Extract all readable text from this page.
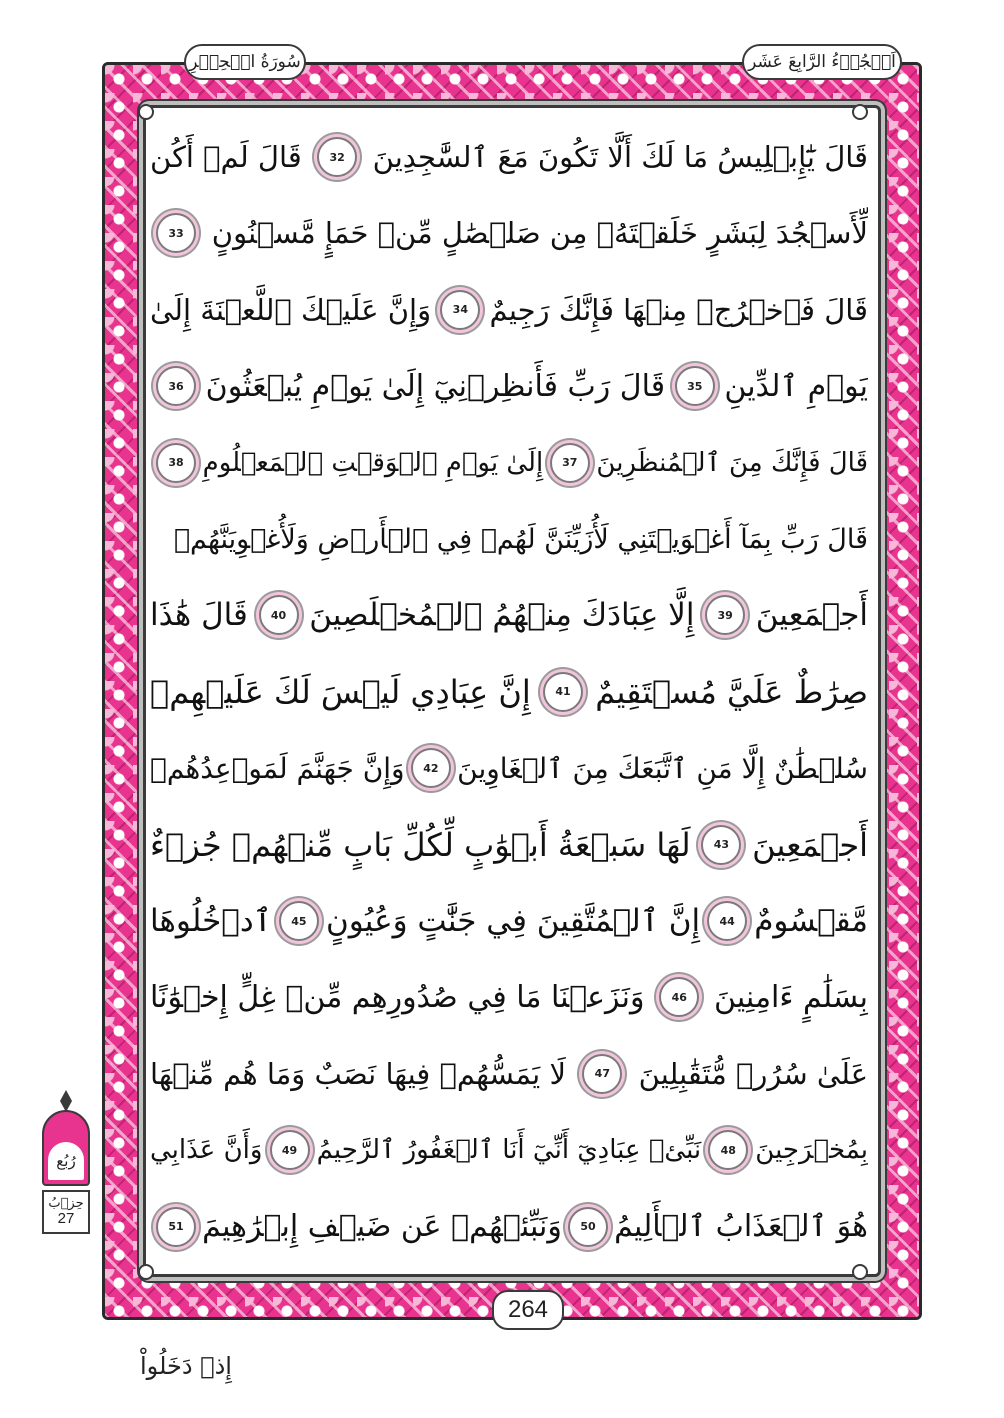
اَلۡجُزۡءُ الرَّابِعَ عَشَر
سُورَةُ الۡحِجۡرِ
قَالَ يَٰٓإِبۡلِيسُ مَا لَكَ أَلَّا تَكُونَ مَعَ ٱلسَّٰجِدِينَ
32
قَالَ لَمۡ أَكُن
لِّأَسۡجُدَ لِبَشَرٍ خَلَقۡتَهُۥ مِن صَلۡصَٰلٍ مِّنۡ حَمَإٍ مَّسۡنُونٍ
33
قَالَ فَٱخۡرُجۡ مِنۡهَا فَإِنَّكَ رَجِيمٌ
34
وَإِنَّ عَلَيۡكَ ٱللَّعۡنَةَ إِلَىٰ
يَوۡمِ ٱلدِّينِ
35
قَالَ رَبِّ فَأَنظِرۡنِيٓ إِلَىٰ يَوۡمِ يُبۡعَثُونَ
36
قَالَ فَإِنَّكَ مِنَ ٱلۡمُنظَرِينَ
37
إِلَىٰ يَوۡمِ ٱلۡوَقۡتِ ٱلۡمَعۡلُومِ
38
قَالَ رَبِّ بِمَآ أَغۡوَيۡتَنِي لَأُزَيِّنَنَّ لَهُمۡ فِي ٱلۡأَرۡضِ وَلَأُغۡوِيَنَّهُمۡ
أَجۡمَعِينَ
39
إِلَّا عِبَادَكَ مِنۡهُمُ ٱلۡمُخۡلَصِينَ
40
قَالَ هَٰذَا
صِرَٰطٌ عَلَيَّ مُسۡتَقِيمٌ
41
إِنَّ عِبَادِي لَيۡسَ لَكَ عَلَيۡهِمۡ
سُلۡطَٰنٌ إِلَّا مَنِ ٱتَّبَعَكَ مِنَ ٱلۡغَاوِينَ
42
وَإِنَّ جَهَنَّمَ لَمَوۡعِدُهُمۡ
أَجۡمَعِينَ
43
لَهَا سَبۡعَةُ أَبۡوَٰبٍ لِّكُلِّ بَابٍ مِّنۡهُمۡ جُزۡءٌ
مَّقۡسُومٌ
44
إِنَّ ٱلۡمُتَّقِينَ فِي جَنَّٰتٍ وَعُيُونٍ
45
ٱدۡخُلُوهَا
بِسَلَٰمٍ ءَامِنِينَ
46
وَنَزَعۡنَا مَا فِي صُدُورِهِم مِّنۡ غِلٍّ إِخۡوَٰنًا
عَلَىٰ سُرُرٖ مُّتَقَٰبِلِينَ
47
لَا يَمَسُّهُمۡ فِيهَا نَصَبٌ وَمَا هُم مِّنۡهَا
بِمُخۡرَجِينَ
48
نَبِّئۡ عِبَادِيٓ أَنِّيٓ أَنَا ٱلۡغَفُورُ ٱلرَّحِيمُ
49
وَأَنَّ عَذَابِي
هُوَ ٱلۡعَذَابُ ٱلۡأَلِيمُ
50
وَنَبِّئۡهُمۡ عَن ضَيۡفِ إِبۡرَٰهِيمَ
51
264
إِذۡ دَخَلُواْ
رُبُع
حِزۡبُ
27
